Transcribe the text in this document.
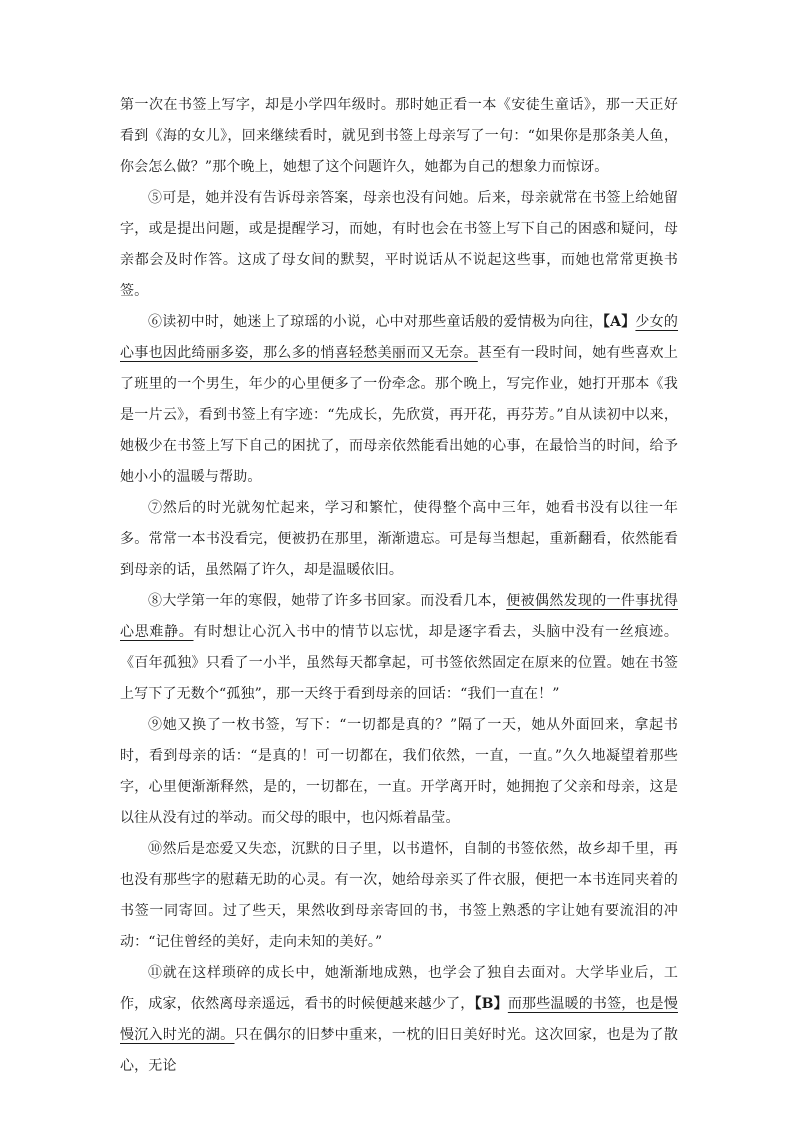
第一次在书签上写字，却是小学四年级时。那时她正看一本《安徒生童话》，那一天正好看到《海的女儿》，回来继续看时，就见到书签上母亲写了一句：“如果你是那条美人鱼，你会怎么做？”那个晚上，她想了这个问题许久，她都为自己的想象力而惊讶。

⑤可是，她并没有告诉母亲答案，母亲也没有问她。后来，母亲就常在书签上给她留字，或是提出问题，或是提醒学习，而她，有时也会在书签上写下自己的困惑和疑问，母亲都会及时作答。这成了母女间的默契，平时说话从不说起这些事，而她也常常更换书签。

⑥读初中时，她迷上了琼瑶的小说，心中对那些童话般的爱情极为向往，【A】少女的心事也因此绮丽多姿，那么多的悄喜轻愁美丽而又无奈。甚至有一段时间，她有些喜欢上了班里的一个男生，年少的心里便多了一份牵念。那个晚上，写完作业，她打开那本《我是一片云》，看到书签上有字迹：“先成长，先欣赏，再开花，再芬芳。”自从读初中以来，她极少在书签上写下自己的困扰了，而母亲依然能看出她的心事，在最恰当的时间，给予她小小的温暖与帮助。

⑦然后的时光就匆忙起来，学习和繁忙，使得整个高中三年，她看书没有以往一年多。常常一本书没看完，便被扔在那里，渐渐遗忘。可是每当想起，重新翻看，依然能看到母亲的话，虽然隔了许久，却是温暖依旧。

⑧大学第一年的寒假，她带了许多书回家。而没看几本，便被偶然发现的一件事扰得心思难静。有时想让心沉入书中的情节以忘忧，却是逐字看去，头脑中没有一丝痕迹。《百年孤独》只看了一小半，虽然每天都拿起，可书签依然固定在原来的位置。她在书签上写下了无数个“孤独”，那一天终于看到母亲的回话：“我们一直在！”

⑨她又换了一枚书签，写下：“一切都是真的？”隔了一天，她从外面回来，拿起书时，看到母亲的话：“是真的！可一切都在，我们依然，一直，一直。”久久地凝望着那些字，心里便渐渐释然，是的，一切都在，一直。开学离开时，她拥抱了父亲和母亲，这是以往从没有过的举动。而父母的眼中，也闪烁着晶莹。

⑩然后是恋爱又失恋，沉默的日子里，以书遣怀，自制的书签依然，故乡却千里，再也没有那些字的慰藉无助的心灵。有一次，她给母亲买了件衣服，便把一本书连同夹着的书签一同寄回。过了些天，果然收到母亲寄回的书，书签上熟悉的字让她有要流泪的冲动：“记住曾经的美好，走向未知的美好。”

⑪就在这样琐碎的成长中，她渐渐地成熟，也学会了独自去面对。大学毕业后，工作，成家，依然离母亲遥远，看书的时候便越来越少了，【B】而那些温暖的书签，也是慢慢沉入时光的湖。只在偶尔的旧梦中重来，一枕的旧日美好时光。这次回家，也是为了散心，无论
